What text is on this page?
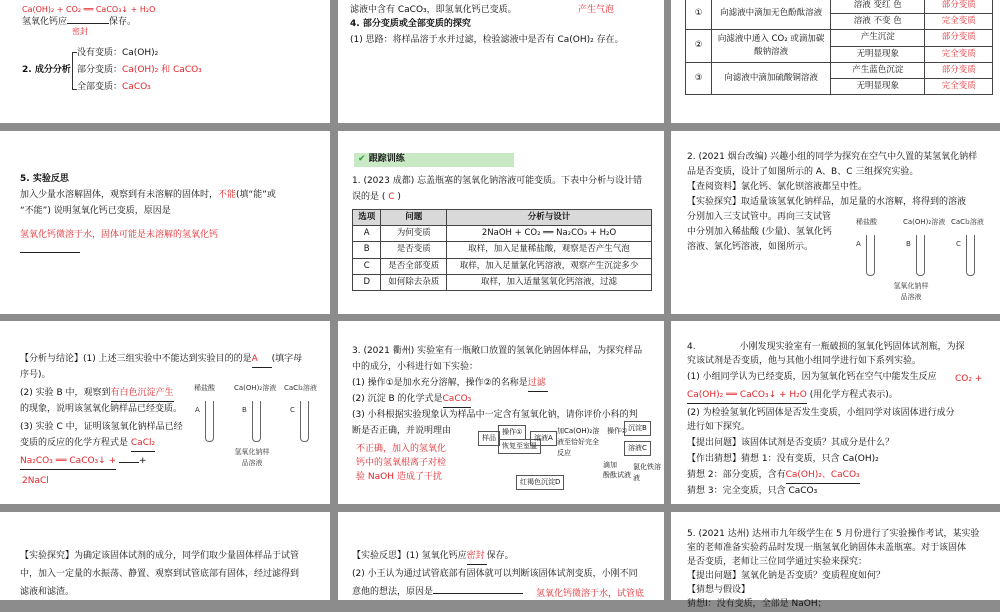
Ca(OH)₂ + CO₂ ══ CaCO₃↓ + H₂O
氢氧化钙应	保存。
密封
2. 成分分析
没有变质：Ca(OH)₂
部分变质：Ca(OH)₂ 和 CaCO₃
全部变质：CaCO₃
滤液中含有 CaCO₃，即氢氧化钙已变质。	产生气泡
4. 部分变质或全部变质的探究
(1) 思路：将样品溶于水并过滤，检验滤液中是否有 Ca(OH)₂ 存在。
①	向滤液中滴加无色酚酞溶液	溶液 变红 色	部分变质
		溶液 不变 色	完全变质
②	向滤液中通入 CO₂ 或滴加碳酸钠溶液	产生沉淀	部分变质
		无明显现象	完全变质
③	向滤液中滴加硫酸铜溶液	产生蓝色沉淀	部分变质
		无明显现象	完全变质
5. 实验反思
加入少量水溶解固体，观察到有未溶解的固体时，不能(填“能”或
“不能”) 说明氢氧化钙已变质，原因是
氢氧化钙微溶于水，固体可能是未溶解的氢氧化钙
✔ 跟踪训练
1. (2023 成都) 忘盖瓶塞的氢氧化钠溶液可能变质。下表中分析与设计错
误的是 ( C )
选项	问题	分析与设计
A	为何变质	2NaOH + CO₂ ══ Na₂CO₃ + H₂O
B	是否变质	取样，加入足量稀盐酸，观察是否产生气泡
C	是否全部变质	取样，加入足量氯化钙溶液，观察产生沉淀多少
D	如何除去杂质	取样，加入适量氢氧化钙溶液，过滤
2. (2021 烟台改编) 兴趣小组的同学为探究在空气中久置的某氢氧化钠样
品是否变质，设计了如图所示的 A、B、C 三组探究实验。
【查阅资料】氯化钙、氯化钡溶液都呈中性。
【实验探究】取适量该氢氧化钠样品，加足量的水溶解，将得到的溶液
分别加入三支试管中。再向三支试管
中分别加入稀盐酸 (少量)、氢氧化钙
溶液、氯化钙溶液，如图所示。
稀盐酸	Ca(OH)₂溶液 CaCl₂溶液
A	B	C
氢氧化钠样品溶液
【分析与结论】(1) 上述三组实验中不能达到实验目的的是A (填字母
序号)。
(2) 实验 B 中，观察到有白色沉淀产生
的现象，说明该氢氧化钠样品已经变质。
(3) 实验 C 中，证明该氢氧化钠样品已经
变质的反应的化学方程式是 CaCl₂
Na₂CO₃ ══ CaCO₃↓ +	+
2NaCl
稀盐酸	Ca(OH)₂溶液 CaCl₂溶液
A	B	C
氢氧化钠样品溶液
3. (2021 衢州) 实验室有一瓶敞口放置的氢氧化钠固体样品，为探究样品
中的成分，小科进行如下实验：
(1) 操作①是加水充分溶解，操作②的名称是过滤
(2) 沉淀 B 的化学式是CaCO₃
(3) 小科根据实验现象认为样品中一定含有氢氧化钠，请你评价小科的判
断是否正确，并说明理由
不正确，加入的氢氧化
钙中的氢氧根离子对检
验 NaOH 造成了干扰
样品
操作①
恢复至室温
溶液A
加Ca(OH)₂溶液至恰好完全反应
操作② 沉淀B
溶液C
滴加
酚酞试液
红褐色沉淀D
氯化铁溶液
4.	小刚发现实验室有一瓶破损的氢氧化钙固体试剂瓶，为探
究该试剂是否变质，他与其他小组同学进行如下系列实验。
(1) 小组同学认为已经变质，因为氢氧化钙在空气中能发生反应 CO₂ +
Ca(OH)₂ ══ CaCO₃↓ + H₂O (用化学方程式表示)。
(2) 为检验氢氧化钙固体是否发生变质，小组同学对该固体进行成分
进行如下探究。
【提出问题】该固体试剂是否变质？其成分是什么？
【作出猜想】猜想 1：没有变质，只含 Ca(OH)₂
猜想 2：部分变质，含有Ca(OH)₂、CaCO₃
猜想 3：完全变质，只含 CaCO₃
【实验探究】为确定该固体试剂的成分，同学们取少量固体样品于试管
中，加入一定量的水振荡、静置、观察到试管底部有固体，经过滤得到
滤液和滤渣。
【实验反思】(1) 氢氧化钙应密封 保存。
(2) 小王认为通过试管底部有固体就可以判断该固体试剂变质，小刚不同
意他的想法，原因是	氢氧化钙微溶于水，试管底
5. (2021 达州) 达州市九年级学生在 5 月份进行了实验操作考试，某实验
室的老师准备实验药品时发现一瓶氢氧化钠固体未盖瓶塞。对于该固体
是否变质，老师让三位同学通过实验来探究：
【提出问题】氢氧化钠是否变质？变质程度如何？
【猜想与假设】
猜想Ⅰ：没有变质，全部是 NaOH；
